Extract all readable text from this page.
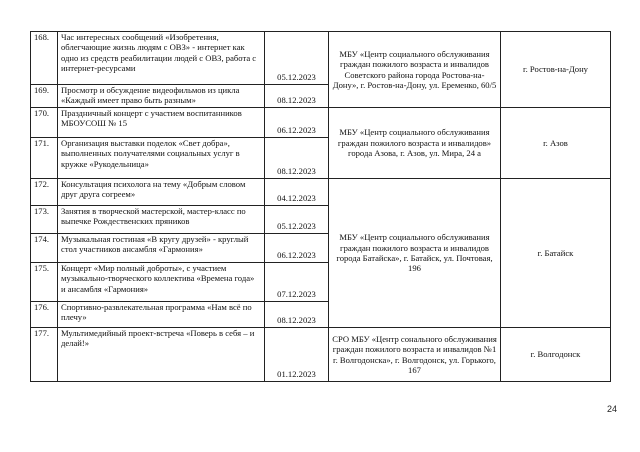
168.	Час интересных сообщений «Изобретения, облегчающие жизнь людям с ОВЗ» - интернет как одно из средств реабилитации людей с ОВЗ, работа с интернет-ресурсами	05.12.2023	МБУ «Центр социального обслуживания граждан пожилого возраста и инвалидов Советского района города Ростова-на-Дону», г. Ростов-на-Дону, ул. Еременко, 60/5	г. Ростов-на-Дону
169.	Просмотр и обсуждение видеофильмов из цикла «Каждый имеет право быть разным»	08.12.2023		
170.	Праздничный концерт с участием воспитанников МБОУСОШ № 15	06.12.2023	МБУ «Центр социального обслуживания граждан пожилого возраста и инвалидов» города Азова, г. Азов, ул. Мира, 24 а	г. Азов
171.	Организация выставки поделок «Свет добра», выполненных получателями социальных услуг в кружке «Рукодельница»	08.12.2023		
172.	Консультация психолога на тему «Добрым словом друг друга согреем»	04.12.2023	МБУ «Центр социального обслуживания граждан пожилого возраста и инвалидов города Батайска», г. Батайск, ул. Почтовая, 196	г. Батайск
173.	Занятия в творческой мастерской, мастер-класс по выпечке Рождественских пряников	05.12.2023		
174.	Музыкальная гостиная «В кругу друзей» - круглый стол участников ансамбля «Гармония»	06.12.2023		
175.	Концерт «Мир полный доброты», с участием музыкально-творческого коллектива «Времена года» и ансамбля «Гармония»	07.12.2023		
176.	Спортивно-развлекательная программа «Нам всё по плечу»	08.12.2023		
177.	Мультимедийный проект-встреча «Поверь в себя – и делай!»	01.12.2023	СРО МБУ «Центр сонального обслуживания граждан пожилого возраста и инвалидов №1 г. Волгодонска», г. Волгодонск, ул. Горького, 167	г. Волгодонск
24
